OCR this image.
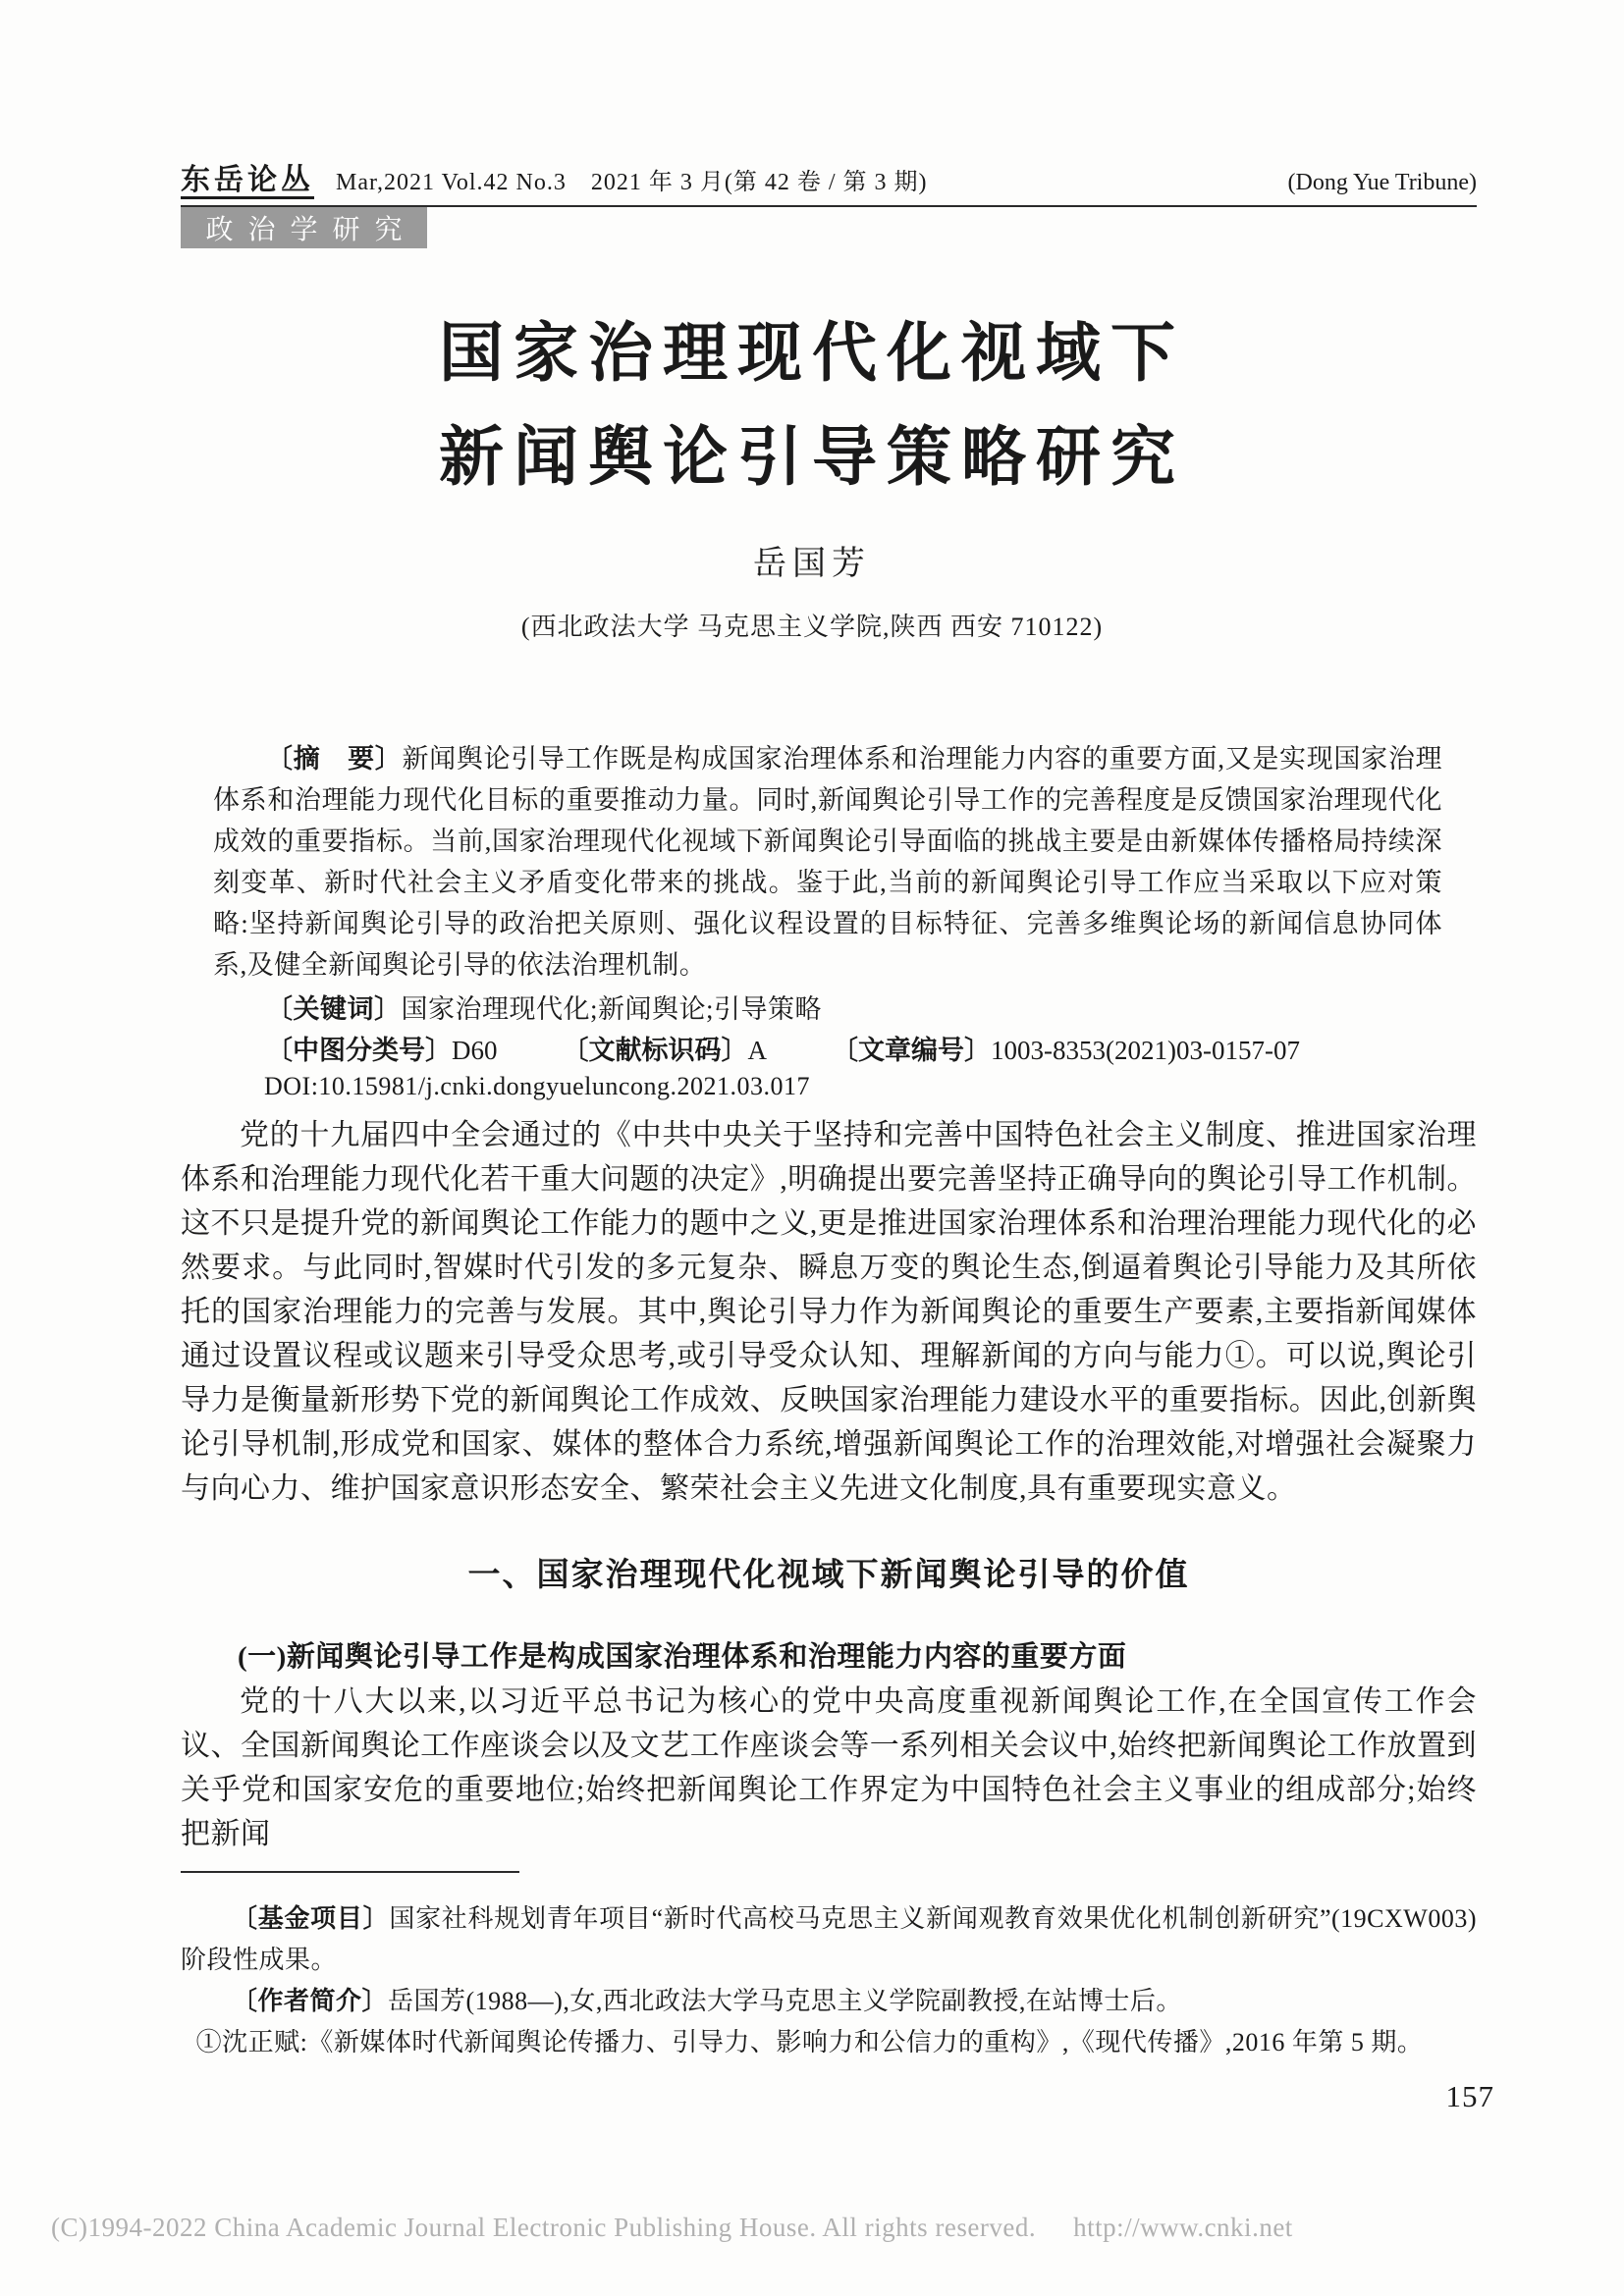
东岳论丛 Mar,2021 Vol.42 No.3　2021 年 3 月(第 42 卷 / 第 3 期)	(Dong Yue Tribune)
政治学研究
国家治理现代化视域下
新闻舆论引导策略研究
岳国芳
(西北政法大学 马克思主义学院,陕西 西安 710122)

〔摘　要〕新闻舆论引导工作既是构成国家治理体系和治理能力内容的重要方面,又是实现国家治理体系和治理能力现代化目标的重要推动力量。同时,新闻舆论引导工作的完善程度是反馈国家治理现代化成效的重要指标。当前,国家治理现代化视域下新闻舆论引导面临的挑战主要是由新媒体传播格局持续深刻变革、新时代社会主义矛盾变化带来的挑战。鉴于此,当前的新闻舆论引导工作应当采取以下应对策略:坚持新闻舆论引导的政治把关原则、强化议程设置的目标特征、完善多维舆论场的新闻信息协同体系,及健全新闻舆论引导的依法治理机制。

〔关键词〕国家治理现代化;新闻舆论;引导策略

〔中图分类号〕D60 〔文献标识码〕A 〔文章编号〕1003-8353(2021)03-0157-07

DOI:10.15981/j.cnki.dongyueluncong.2021.03.017

党的十九届四中全会通过的《中共中央关于坚持和完善中国特色社会主义制度、推进国家治理体系和治理能力现代化若干重大问题的决定》,明确提出要完善坚持正确导向的舆论引导工作机制。这不只是提升党的新闻舆论工作能力的题中之义,更是推进国家治理体系和治理治理能力现代化的必然要求。与此同时,智媒时代引发的多元复杂、瞬息万变的舆论生态,倒逼着舆论引导能力及其所依托的国家治理能力的完善与发展。其中,舆论引导力作为新闻舆论的重要生产要素,主要指新闻媒体通过设置议程或议题来引导受众思考,或引导受众认知、理解新闻的方向与能力①。可以说,舆论引导力是衡量新形势下党的新闻舆论工作成效、反映国家治理能力建设水平的重要指标。因此,创新舆论引导机制,形成党和国家、媒体的整体合力系统,增强新闻舆论工作的治理效能,对增强社会凝聚力与向心力、维护国家意识形态安全、繁荣社会主义先进文化制度,具有重要现实意义。

一、国家治理现代化视域下新闻舆论引导的价值

(一)新闻舆论引导工作是构成国家治理体系和治理能力内容的重要方面

党的十八大以来,以习近平总书记为核心的党中央高度重视新闻舆论工作,在全国宣传工作会议、全国新闻舆论工作座谈会以及文艺工作座谈会等一系列相关会议中,始终把新闻舆论工作放置到关乎党和国家安危的重要地位;始终把新闻舆论工作界定为中国特色社会主义事业的组成部分;始终把新闻

〔基金项目〕国家社科规划青年项目“新时代高校马克思主义新闻观教育效果优化机制创新研究”(19CXW003)阶段性成果。

〔作者简介〕岳国芳(1988—),女,西北政法大学马克思主义学院副教授,在站博士后。

①沈正赋:《新媒体时代新闻舆论传播力、引导力、影响力和公信力的重构》,《现代传播》,2016 年第 5 期。

157
(C)1994-2022 China Academic Journal Electronic Publishing House. All rights reserved. http://www.cnki.net
